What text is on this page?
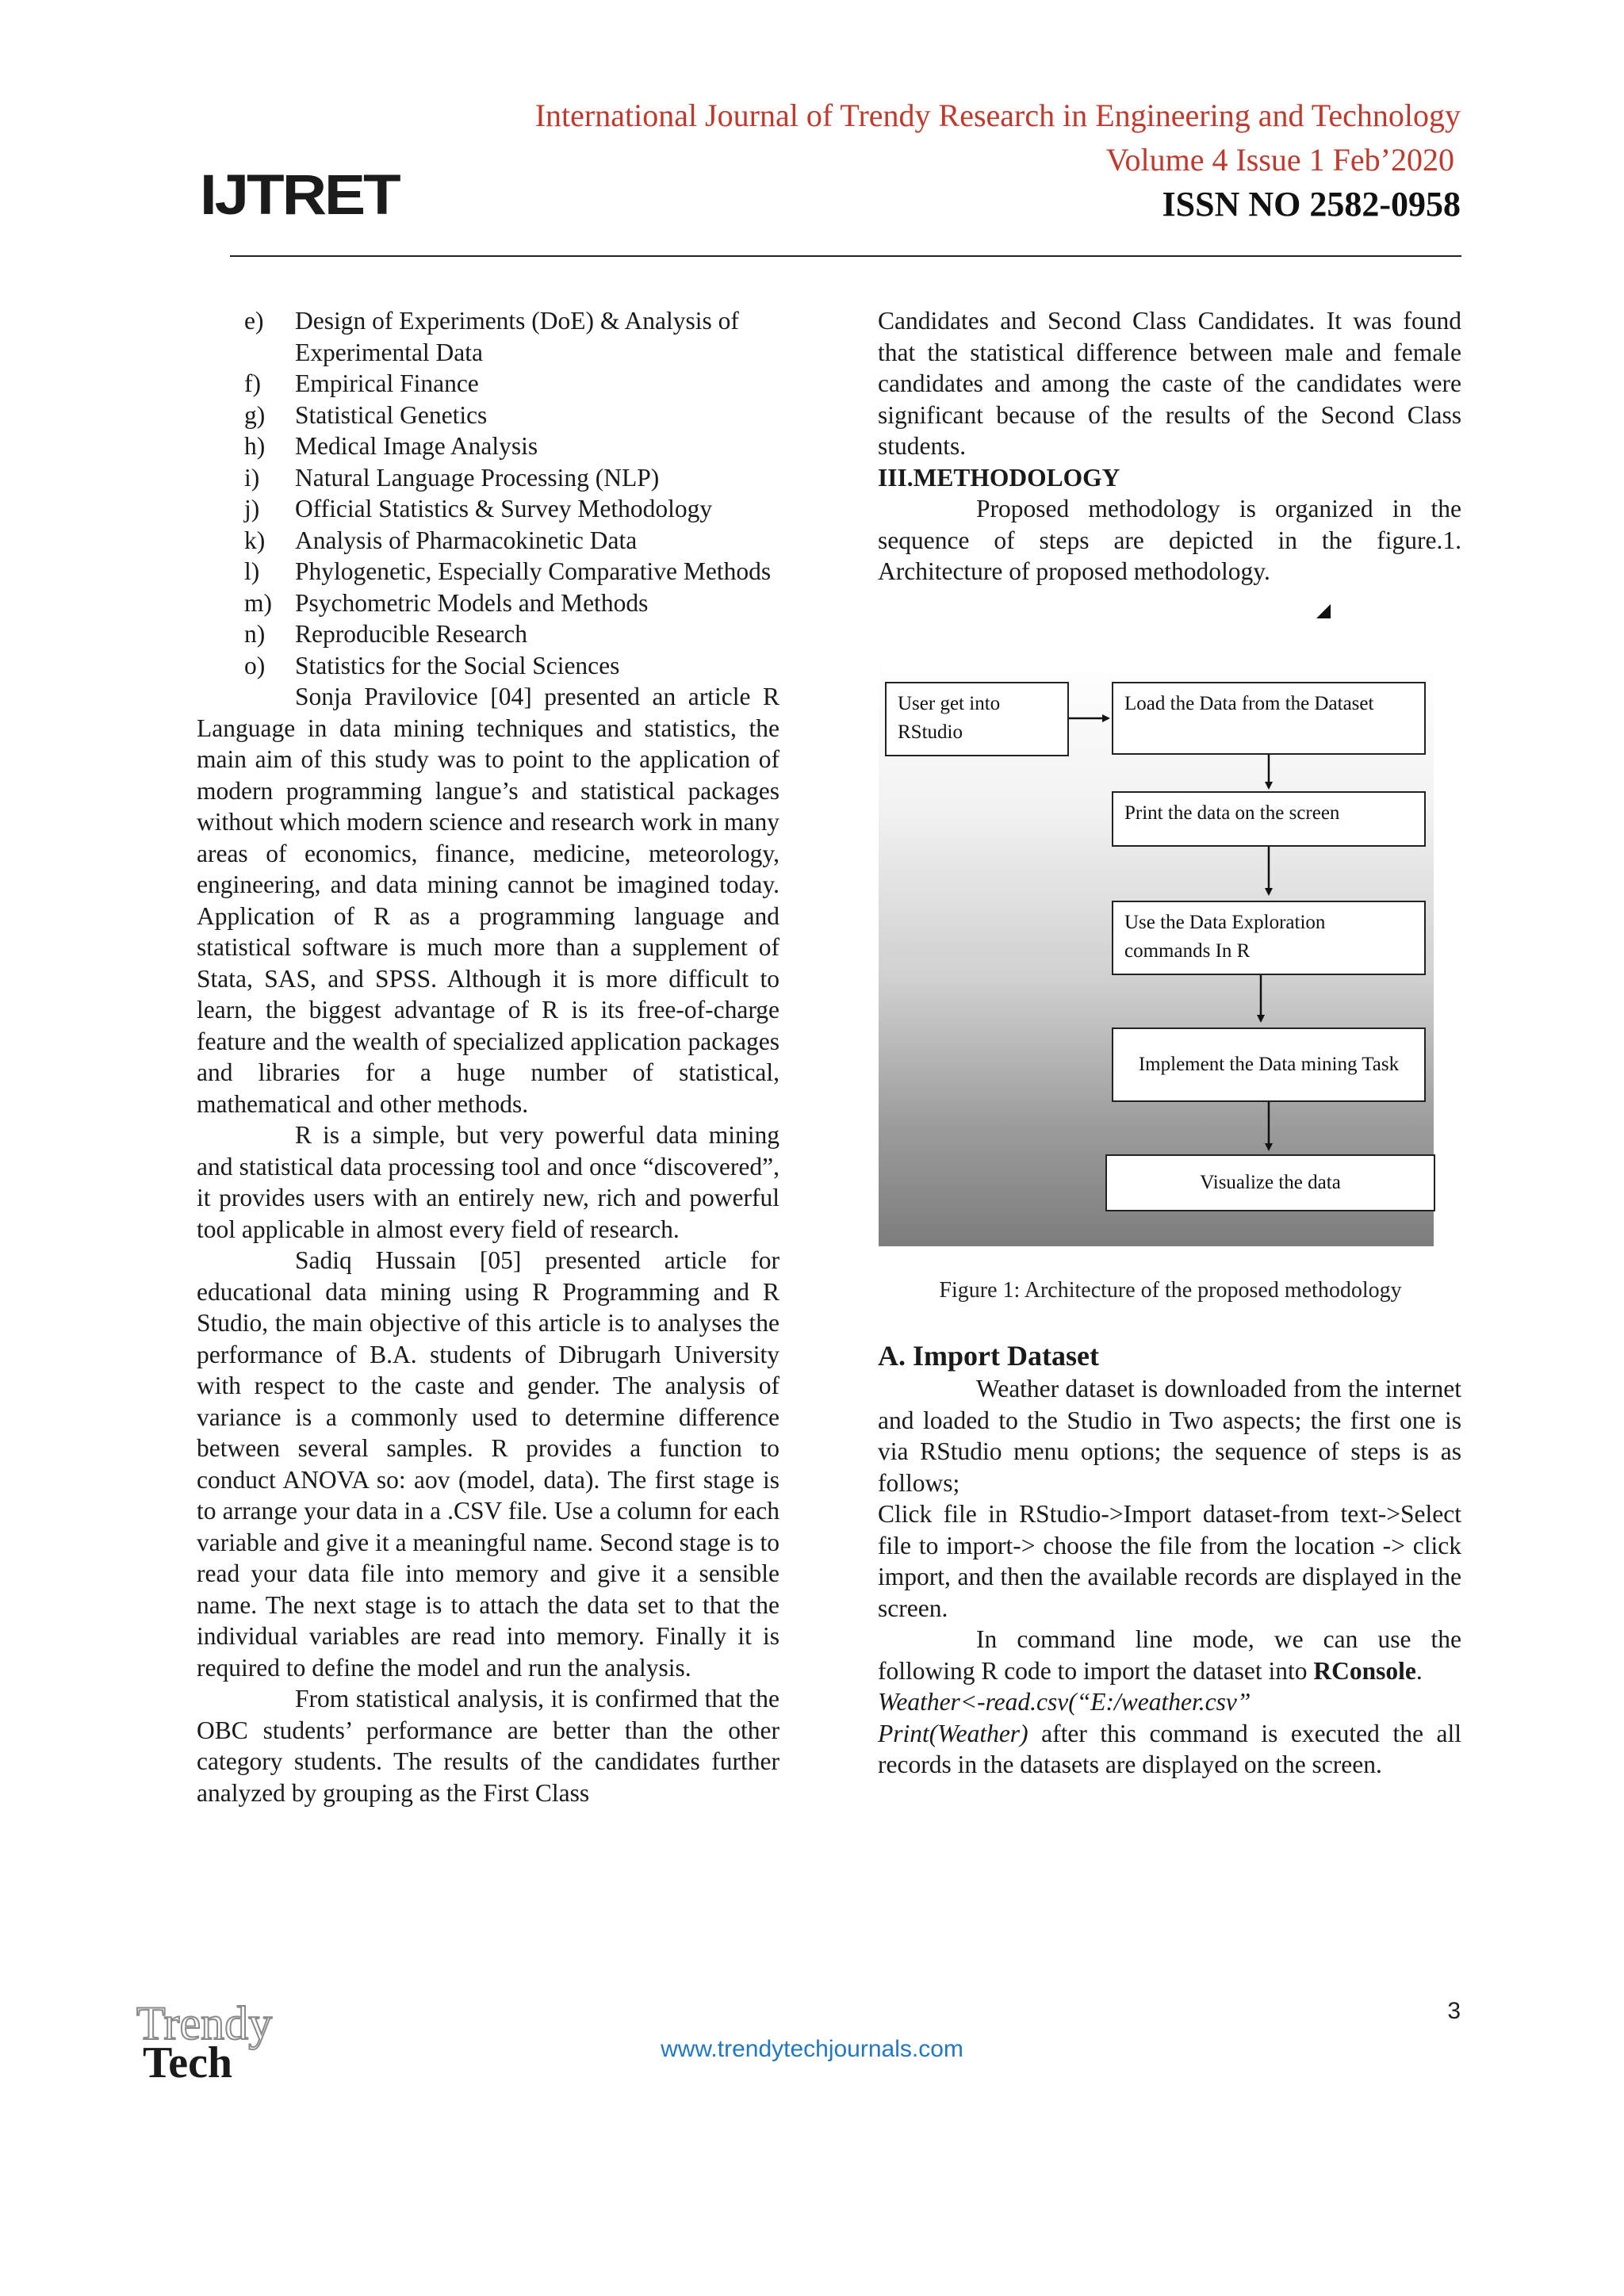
IJTRET
International Journal of Trendy Research in Engineering and Technology
Volume 4 Issue 1 Feb’2020
ISSN NO 2582-0958
e)	Design of Experiments (DoE) & Analysis of Experimental Data
f)	Empirical Finance
g)	Statistical Genetics
h)	Medical Image Analysis
i)	Natural Language Processing (NLP)
j)	Official Statistics & Survey Methodology
k)	Analysis of Pharmacokinetic Data
l)	Phylogenetic, Especially Comparative Methods
m) Psychometric Models and Methods
n)	Reproducible Research
o)	Statistics for the Social Sciences

Sonja Pravilovice [04] presented an article R Language in data mining techniques and statistics, the main aim of this study was to point to the application of modern programming langue’s and statistical packages without which modern science and research work in many areas of economics, finance, medicine, meteorology, engineering, and data mining cannot be imagined today. Application of R as a programming language and statistical software is much more than a supplement of Stata, SAS, and SPSS. Although it is more difficult to learn, the biggest advantage of R is its free-of-charge feature and the wealth of specialized application packages and libraries for a huge number of statistical, mathematical and other methods.

R is a simple, but very powerful data mining and statistical data processing tool and once “discovered”, it provides users with an entirely new, rich and powerful tool applicable in almost every field of research.

Sadiq Hussain [05] presented article for educational data mining using R Programming and R Studio, the main objective of this article is to analyses the performance of B.A. students of Dibrugarh University with respect to the caste and gender. The analysis of variance is a commonly used to determine difference between several samples. R provides a function to conduct ANOVA so: aov (model, data). The first stage is to arrange your data in a .CSV file. Use a column for each variable and give it a meaningful name. Second stage is to read your data file into memory and give it a sensible name. The next stage is to attach the data set to that the individual variables are read into memory. Finally it is required to define the model and run the analysis.

From statistical analysis, it is confirmed that the OBC students’ performance are better than the other category students. The results of the candidates further analyzed by grouping as the First Class

Candidates and Second Class Candidates. It was found that the statistical difference between male and female candidates and among the caste of the candidates were significant because of the results of the Second Class students.

III.METHODOLOGY

Proposed methodology is organized in the sequence of steps are depicted in the figure.1. Architecture of proposed methodology.

User get into RStudio
Load the Data from the Dataset
Print the data on the screen
Use the Data Exploration commands In R
Implement the Data mining Task
Visualize the data
Figure 1: Architecture of the proposed methodology

A. Import Dataset

Weather dataset is downloaded from the internet and loaded to the Studio in Two aspects; the first one is via RStudio menu options; the sequence of steps is as follows;

Click file in RStudio->Import dataset-from text->Select file to import-> choose the file from the location -> click import, and then the available records are displayed in the screen.

In command line mode, we can use the following R code to import the dataset into RConsole.

Weather<-read.csv(“E:/weather.csv”

Print(Weather) after this command is executed the all records in the datasets are displayed on the screen.

Trendy
Tech
3
www.trendytechjournals.com
